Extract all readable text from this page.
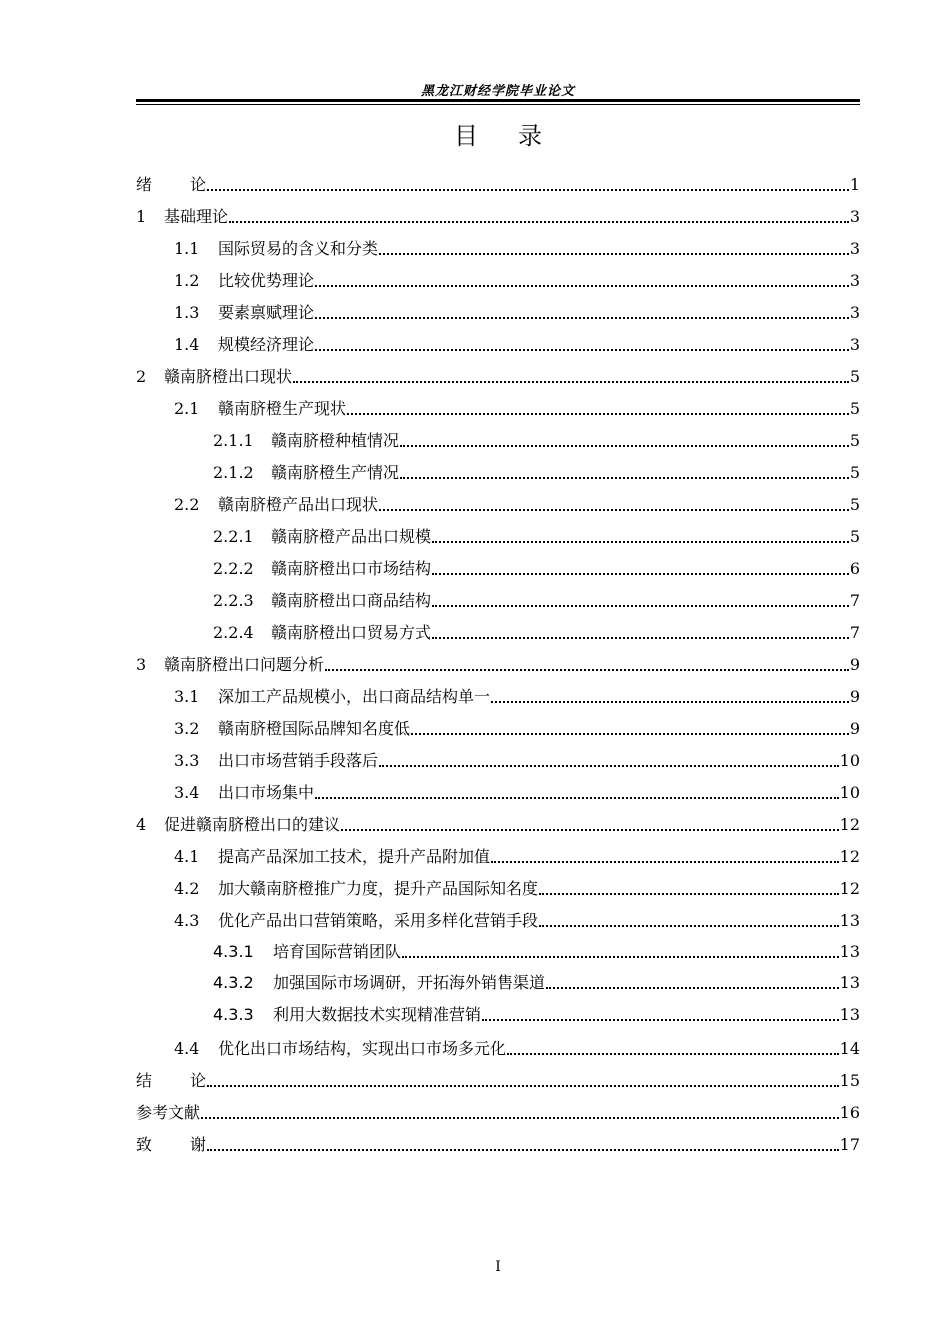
黑龙江财经学院毕业论文
目录
绪论	1
1	基础理论	3
1.1	国际贸易的含义和分类	3
1.2	比较优势理论	3
1.3	要素禀赋理论	3
1.4	规模经济理论	3
2	赣南脐橙出口现状	5
2.1	赣南脐橙生产现状	5
2.1.1	赣南脐橙种植情况	5
2.1.2	赣南脐橙生产情况	5
2.2	赣南脐橙产品出口现状	5
2.2.1	赣南脐橙产品出口规模	5
2.2.2	赣南脐橙出口市场结构	6
2.2.3	赣南脐橙出口商品结构	7
2.2.4	赣南脐橙出口贸易方式	7
3	赣南脐橙出口问题分析	9
3.1	深加工产品规模小，出口商品结构单一	9
3.2	赣南脐橙国际品牌知名度低	9
3.3	出口市场营销手段落后	10
3.4	出口市场集中	10
4	促进赣南脐橙出口的建议	12
4.1	提高产品深加工技术，提升产品附加值	12
4.2	加大赣南脐橙推广力度，提升产品国际知名度	12
4.3	优化产品出口营销策略，采用多样化营销手段	13
4.3.1	培育国际营销团队	13
4.3.2	加强国际市场调研，开拓海外销售渠道	13
4.3.3	利用大数据技术实现精准营销	13
4.4	优化出口市场结构，实现出口市场多元化	14
结论	15
参考文献	16
致谢	17
I
